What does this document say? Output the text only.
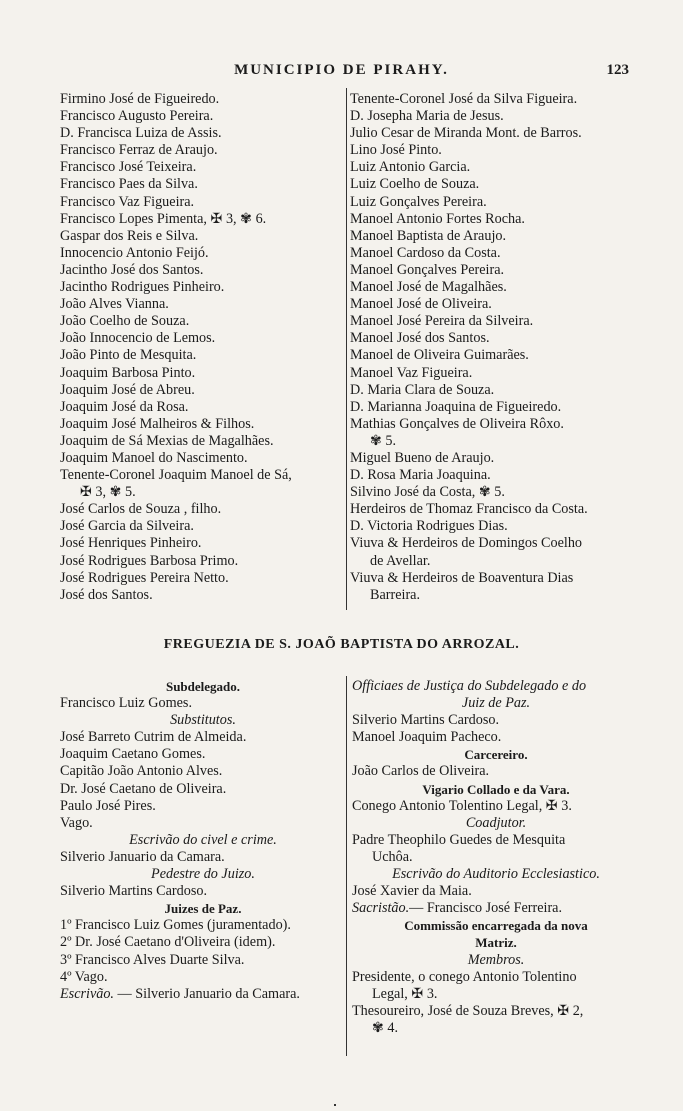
MUNICIPIO DE PIRAHY.	123
Firmino José de Figueiredo.
Francisco Augusto Pereira.
D. Francisca Luiza de Assis.
Francisco Ferraz de Araujo.
Francisco José Teixeira.
Francisco Paes da Silva.
Francisco Vaz Figueira.
Francisco Lopes Pimenta, ✠ 3, ✾ 6.
Gaspar dos Reis e Silva.
Innocencio Antonio Feijó.
Jacintho José dos Santos.
Jacintho Rodrigues Pinheiro.
João Alves Vianna.
João Coelho de Souza.
João Innocencio de Lemos.
João Pinto de Mesquita.
Joaquim Barbosa Pinto.
Joaquim José de Abreu.
Joaquim José da Rosa.
Joaquim José Malheiros & Filhos.
Joaquim de Sá Mexias de Magalhães.
Joaquim Manoel do Nascimento.
Tenente-Coronel Joaquim Manoel de Sá,
✠ 3, ✾ 5.
José Carlos de Souza , filho.
José Garcia da Silveira.
José Henriques Pinheiro.
José Rodrigues Barbosa Primo.
José Rodrigues Pereira Netto.
José dos Santos.
Tenente-Coronel José da Silva Figueira.
D. Josepha Maria de Jesus.
Julio Cesar de Miranda Mont. de Barros.
Lino José Pinto.
Luiz Antonio Garcia.
Luiz Coelho de Souza.
Luiz Gonçalves Pereira.
Manoel Antonio Fortes Rocha.
Manoel Baptista de Araujo.
Manoel Cardoso da Costa.
Manoel Gonçalves Pereira.
Manoel José de Magalhães.
Manoel José de Oliveira.
Manoel José Pereira da Silveira.
Manoel José dos Santos.
Manoel de Oliveira Guimarães.
Manoel Vaz Figueira.
D. Maria Clara de Souza.
D. Marianna Joaquina de Figueiredo.
Mathias Gonçalves de Oliveira Rôxo.
✾ 5.
Miguel Bueno de Araujo.
D. Rosa Maria Joaquina.
Silvino José da Costa, ✾ 5.
Herdeiros de Thomaz Francisco da Costa.
D. Victoria Rodrigues Dias.
Viuva & Herdeiros de Domingos Coelho
de Avellar.
Viuva & Herdeiros de Boaventura Dias
Barreira.
FREGUEZIA DE S. JOAÕ BAPTISTA DO ARROZAL.
Subdelegado.
Francisco Luiz Gomes.
Substitutos.
José Barreto Cutrim de Almeida.
Joaquim Caetano Gomes.
Capitão João Antonio Alves.
Dr. José Caetano de Oliveira.
Paulo José Pires.
Vago.
Escrivão do civel e crime.
Silverio Januario da Camara.
Pedestre do Juizo.
Silverio Martins Cardoso.
Juizes de Paz.
1º Francisco Luiz Gomes (juramentado).
2º Dr. José Caetano d'Oliveira (idem).
3º Francisco Alves Duarte Silva.
4º Vago.
Escrivão. — Silverio Januario da Camara.
Officiaes de Justiça do Subdelegado e do
Juiz de Paz.
Silverio Martins Cardoso.
Manoel Joaquim Pacheco.
Carcereiro.
João Carlos de Oliveira.
Vigario Collado e da Vara.
Conego Antonio Tolentino Legal, ✠ 3.
Coadjutor.
Padre Theophilo Guedes de Mesquita
Uchôa.
Escrivão do Auditorio Ecclesiastico.
José Xavier da Maia.
Sacristão.— Francisco José Ferreira.
Commissão encarregada da nova
Matriz.
Membros.
Presidente, o conego Antonio Tolentino
Legal, ✠ 3.
Thesoureiro, José de Souza Breves, ✠ 2,
✾ 4.
